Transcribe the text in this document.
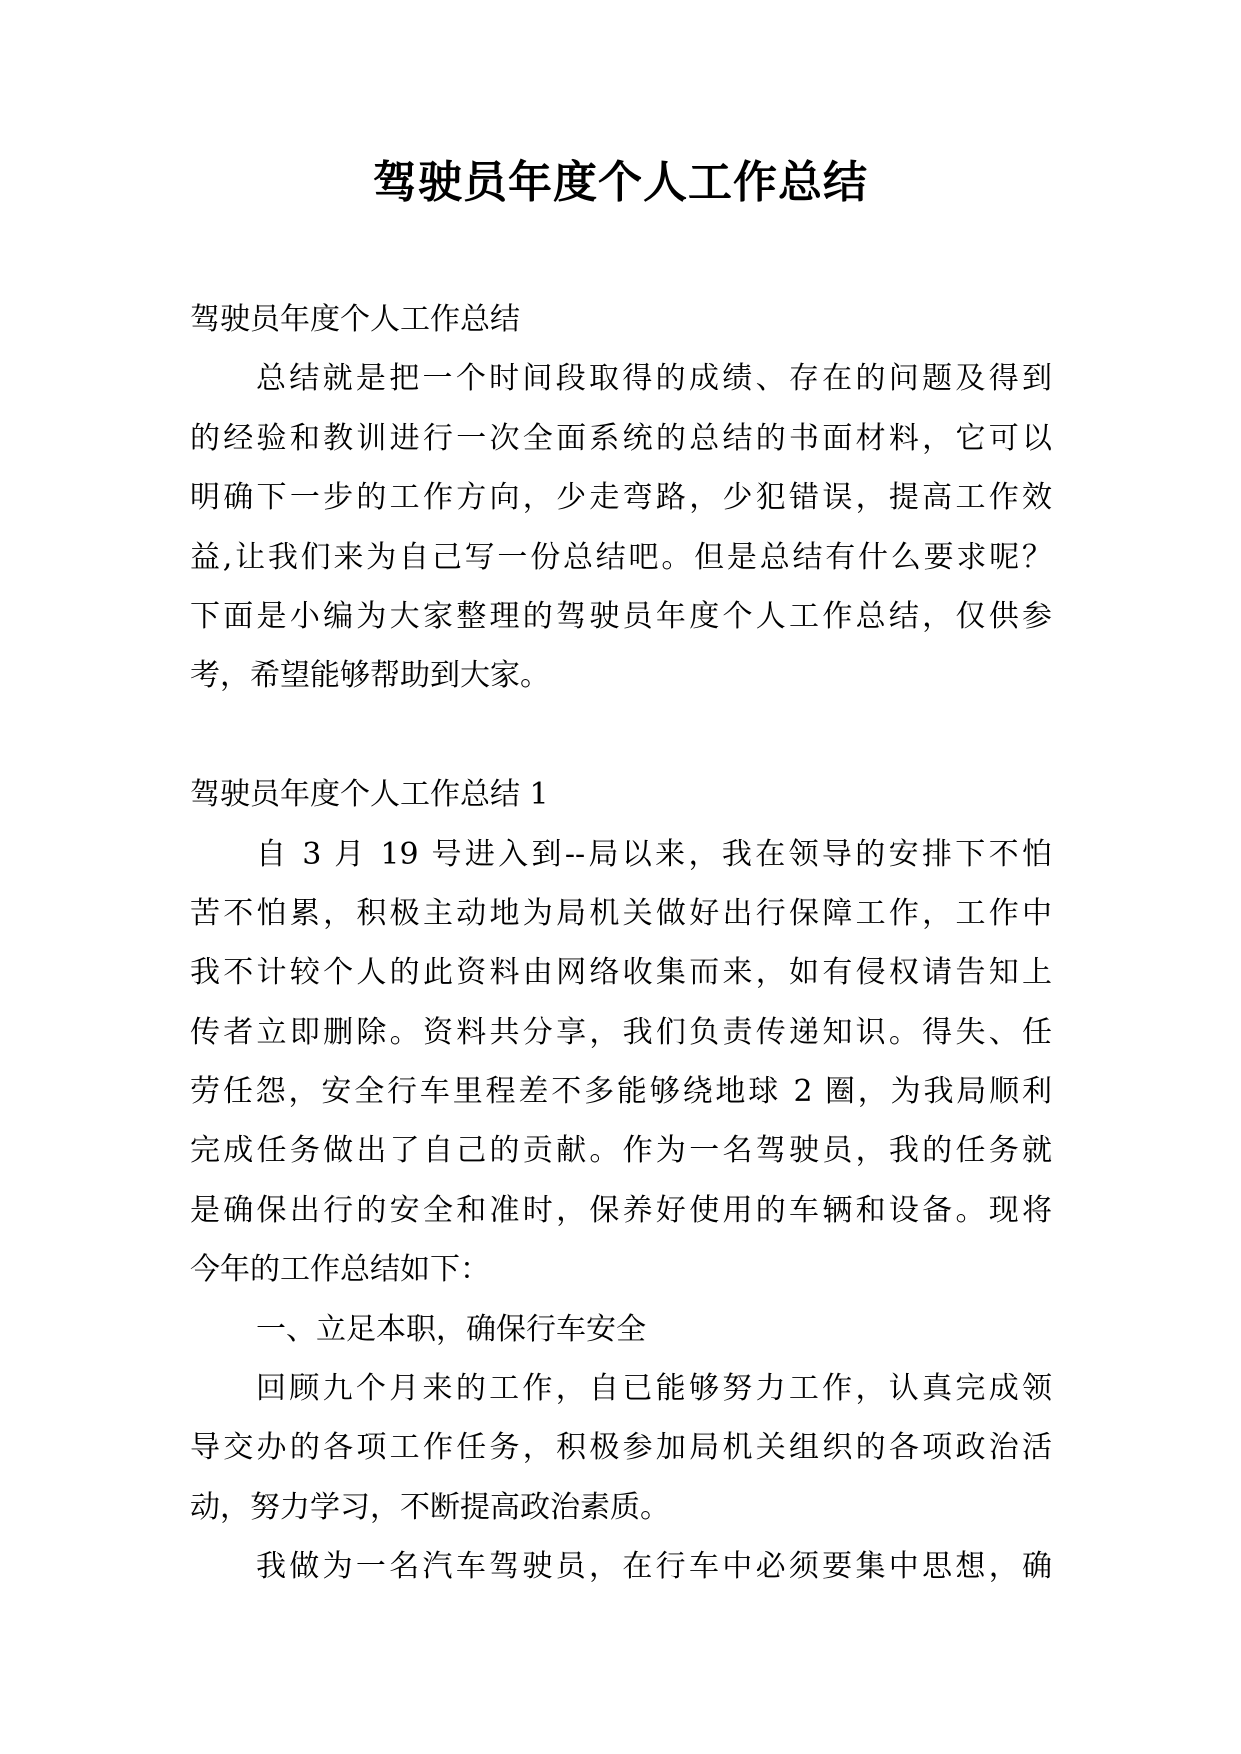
驾驶员年度个人工作总结
驾驶员年度个人工作总结
总结就是把一个时间段取得的成绩、存在的问题及得到
的经验和教训进行一次全面系统的总结的书面材料，它可以
明确下一步的工作方向，少走弯路，少犯错误，提高工作效
益,让我们来为自己写一份总结吧。但是总结有什么要求呢？
下面是小编为大家整理的驾驶员年度个人工作总结，仅供参
考，希望能够帮助到大家。
驾驶员年度个人工作总结 1
自 3 月 19 号进入到--局以来，我在领导的安排下不怕
苦不怕累，积极主动地为局机关做好出行保障工作，工作中
我不计较个人的此资料由网络收集而来，如有侵权请告知上
传者立即删除。资料共分享，我们负责传递知识。得失、任
劳任怨，安全行车里程差不多能够绕地球 2 圈，为我局顺利
完成任务做出了自己的贡献。作为一名驾驶员，我的任务就
是确保出行的安全和准时，保养好使用的车辆和设备。现将
今年的工作总结如下：
一、立足本职，确保行车安全
回顾九个月来的工作，自已能够努力工作，认真完成领
导交办的各项工作任务，积极参加局机关组织的各项政治活
动，努力学习，不断提高政治素质。
我做为一名汽车驾驶员，在行车中必须要集中思想，确
